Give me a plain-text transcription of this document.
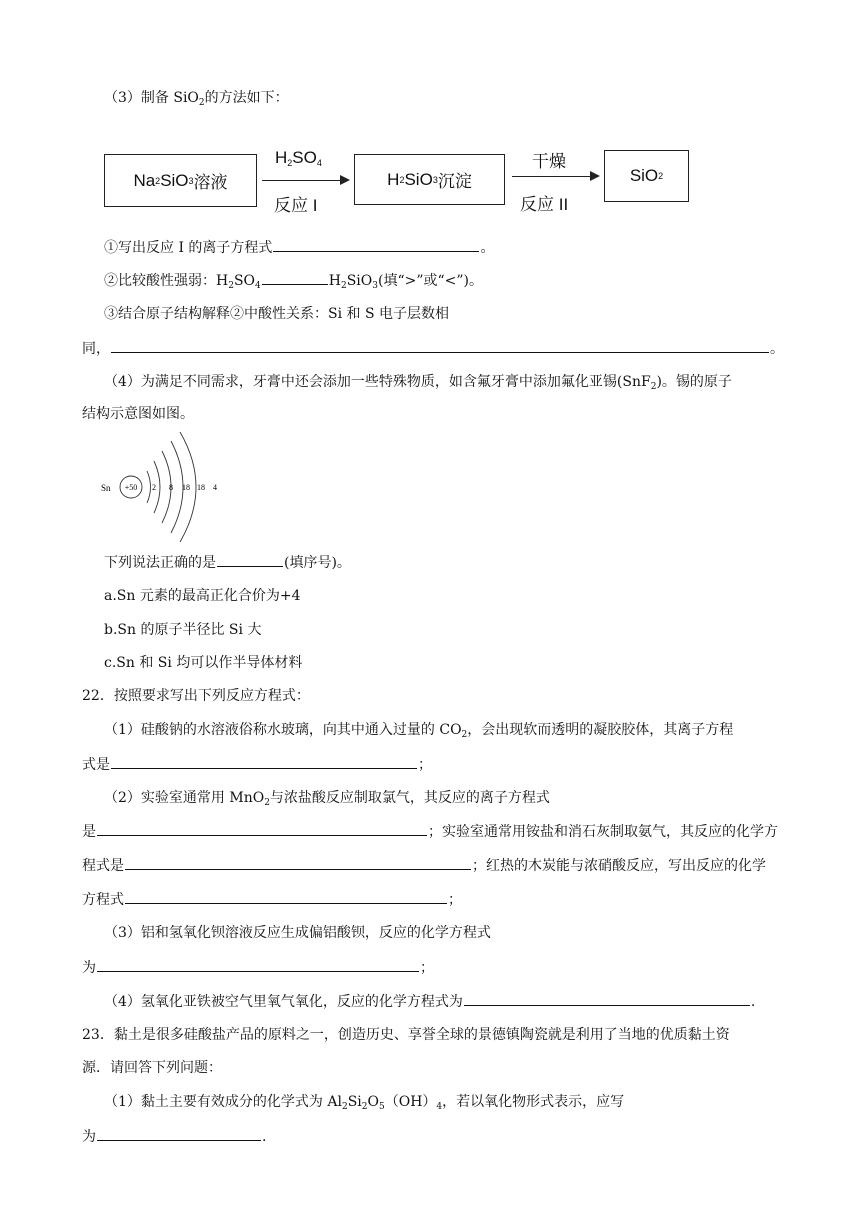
（3）制备 SiO$_2$的方法如下：
Na 2 SiO 3 溶液
$H_2SO_4$
反应 I
H 2 SiO 3 沉淀
干燥
反应 II
SiO 2
①写出反应 I 的离子方程式	。
②比较酸性强弱：$H_2SO_4$	$H_2SiO_3$(填“>”或“<”)。
③结合原子结构解释②中酸性关系：Si 和 S 电子层数相
同，	。
（4）为满足不同需求，牙膏中还会添加一些特殊物质，如含氟牙膏中添加氟化亚锡(SnF$_2$)。锡的原子
结构示意图如图。
Sn +50 2 8 18 18 4
下列说法正确的是	(填序号)。
a.Sn 元素的最高正化合价为+4
b.Sn 的原子半径比 Si 大
c.Sn 和 Si 均可以作半导体材料
22．按照要求写出下列反应方程式：
（1）硅酸钠的水溶液俗称水玻璃，向其中通入过量的 $CO_2$，会出现软而透明的凝胶胶体，其离子方程
式是	；
（2）实验室通常用 MnO$_2$与浓盐酸反应制取氯气，其反应的离子方程式
是	；实验室通常用铵盐和消石灰制取氨气，其反应的化学方
程式是	；红热的木炭能与浓硝酸反应，写出反应的化学
方程式	；
（3）铝和氢氧化钡溶液反应生成偏铝酸钡，反应的化学方程式
为	；
（4）氢氧化亚铁被空气里氧气氧化，反应的化学方程式为	.
23．黏土是很多硅酸盐产品的原料之一，创造历史、享誉全球的景德镇陶瓷就是利用了当地的优质黏土资
源．请回答下列问题：
（1）黏土主要有效成分的化学式为 $Al_2Si_2O_5(OH)_4$，若以氧化物形式表示，应写
为	.
